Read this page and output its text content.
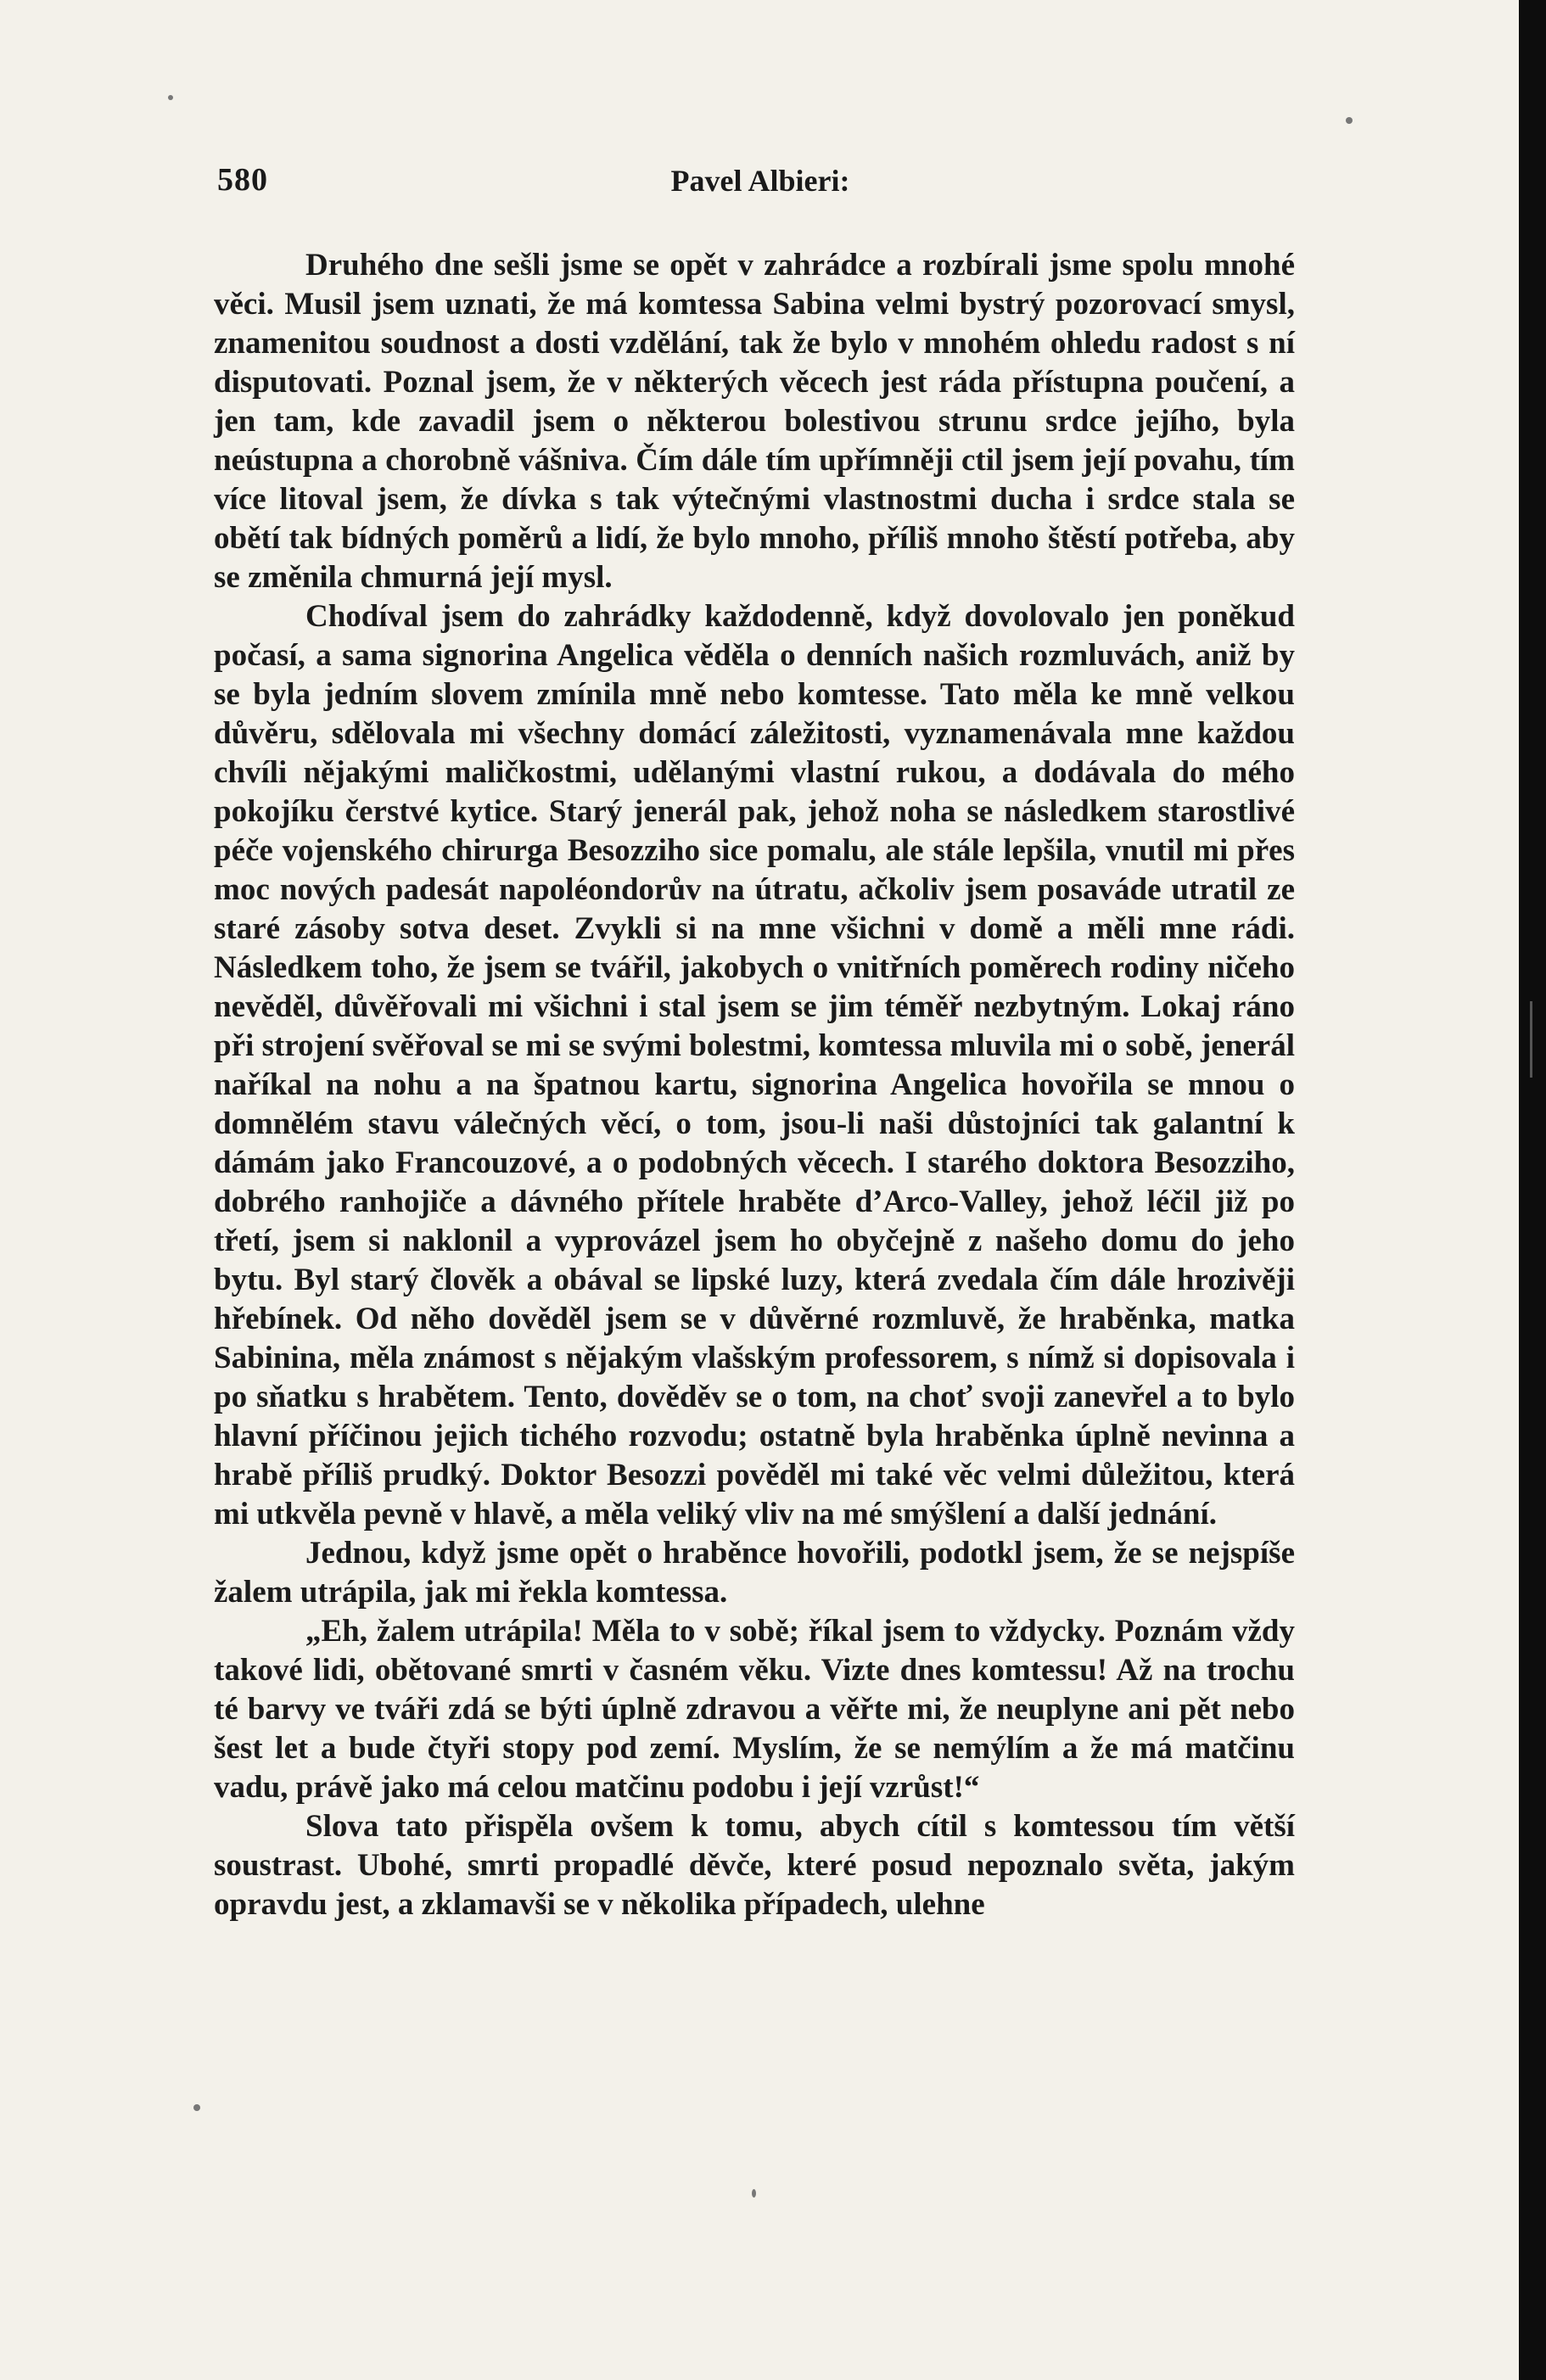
580	Pavel Albieri:

Druhého dne sešli jsme se opět v zahrádce a rozbírali jsme spolu mnohé věci. Musil jsem uznati, že má komtessa Sabina velmi bystrý pozorovací smysl, znamenitou soudnost a dosti vzdělání, tak že bylo v mnohém ohledu radost s ní disputovati. Poznal jsem, že v některých věcech jest ráda přístupna poučení, a jen tam, kde zavadil jsem o některou bolestivou strunu srdce jejího, byla neústupna a chorobně vášniva. Čím dále tím upřímněji ctil jsem její povahu, tím více litoval jsem, že dívka s tak výtečnými vlastnostmi ducha i srdce stala se obětí tak bídných poměrů a lidí, že bylo mnoho, příliš mnoho štěstí potřeba, aby se změnila chmurná její mysl.

Chodíval jsem do zahrádky každodenně, když dovolovalo jen poněkud počasí, a sama signorina Angelica věděla o denních našich rozmluvách, aniž by se byla jedním slovem zmínila mně nebo komtesse. Tato měla ke mně velkou důvěru, sdělovala mi všechny domácí záležitosti, vyznamenávala mne každou chvíli nějakými maličkostmi, udělanými vlastní rukou, a dodávala do mého pokojíku čerstvé kytice. Starý jenerál pak, jehož noha se následkem starostlivé péče vojenského chirurga Besozziho sice pomalu, ale stále lepšila, vnutil mi přes moc nových padesát napoléondorův na útratu, ačkoliv jsem posaváde utratil ze staré zásoby sotva deset. Zvykli si na mne všichni v domě a měli mne rádi. Následkem toho, že jsem se tvářil, jakobych o vnitřních poměrech rodiny ničeho nevěděl, důvěřovali mi všichni i stal jsem se jim téměř nezbytným. Lokaj ráno při strojení svěřoval se mi se svými bolestmi, komtessa mluvila mi o sobě, jenerál naříkal na nohu a na špatnou kartu, signorina Angelica hovořila se mnou o domnělém stavu válečných věcí, o tom, jsou-li naši důstojníci tak galantní k dámám jako Francouzové, a o podobných věcech. I starého doktora Besozziho, dobrého ranhojiče a dávného přítele hraběte d’Arco-Valley, jehož léčil již po třetí, jsem si naklonil a vyprovázel jsem ho obyčejně z našeho domu do jeho bytu. Byl starý člověk a obával se lipské luzy, která zvedala čím dále hrozivěji hřebínek. Od něho dověděl jsem se v důvěrné rozmluvě, že hraběnka, matka Sabinina, měla známost s nějakým vlašským professorem, s nímž si dopisovala i po sňatku s hrabětem. Tento, dověděv se o tom, na choť svoji zanevřel a to bylo hlavní příčinou jejich tichého rozvodu; ostatně byla hraběnka úplně nevinna a hrabě příliš prudký. Doktor Besozzi pověděl mi také věc velmi důležitou, která mi utkvěla pevně v hlavě, a měla veliký vliv na mé smýšlení a další jednání.

Jednou, když jsme opět o hraběnce hovořili, podotkl jsem, že se nejspíše žalem utrápila, jak mi řekla komtessa.

„Eh, žalem utrápila! Měla to v sobě; říkal jsem to vždycky. Poznám vždy takové lidi, obětované smrti v časném věku. Vizte dnes komtessu! Až na trochu té barvy ve tváři zdá se býti úplně zdravou a věřte mi, že neuplyne ani pět nebo šest let a bude čtyři stopy pod zemí. Myslím, že se nemýlím a že má matčinu vadu, právě jako má celou matčinu podobu i její vzrůst!“

Slova tato přispěla ovšem k tomu, abych cítil s komtessou tím větší soustrast. Ubohé, smrti propadlé děvče, které posud nepoznalo světa, jakým opravdu jest, a zklamavši se v několika případech, ulehne
